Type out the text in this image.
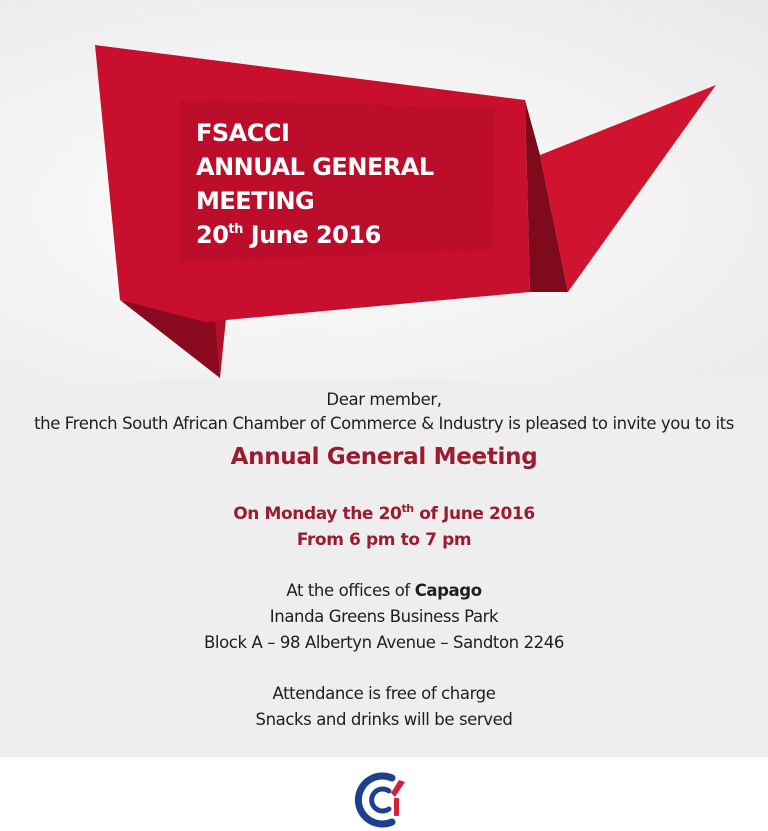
FSACCI
ANNUAL GENERAL
MEETING
20th June 2016
Dear member,
the French South African Chamber of Commerce & Industry is pleased to invite you to its
Annual General Meeting
On Monday the 20th of June 2016
From 6 pm to 7 pm
At the offices of Capago
Inanda Greens Business Park
Block A – 98 Albertyn Avenue – Sandton 2246
Attendance is free of charge
Snacks and drinks will be served
